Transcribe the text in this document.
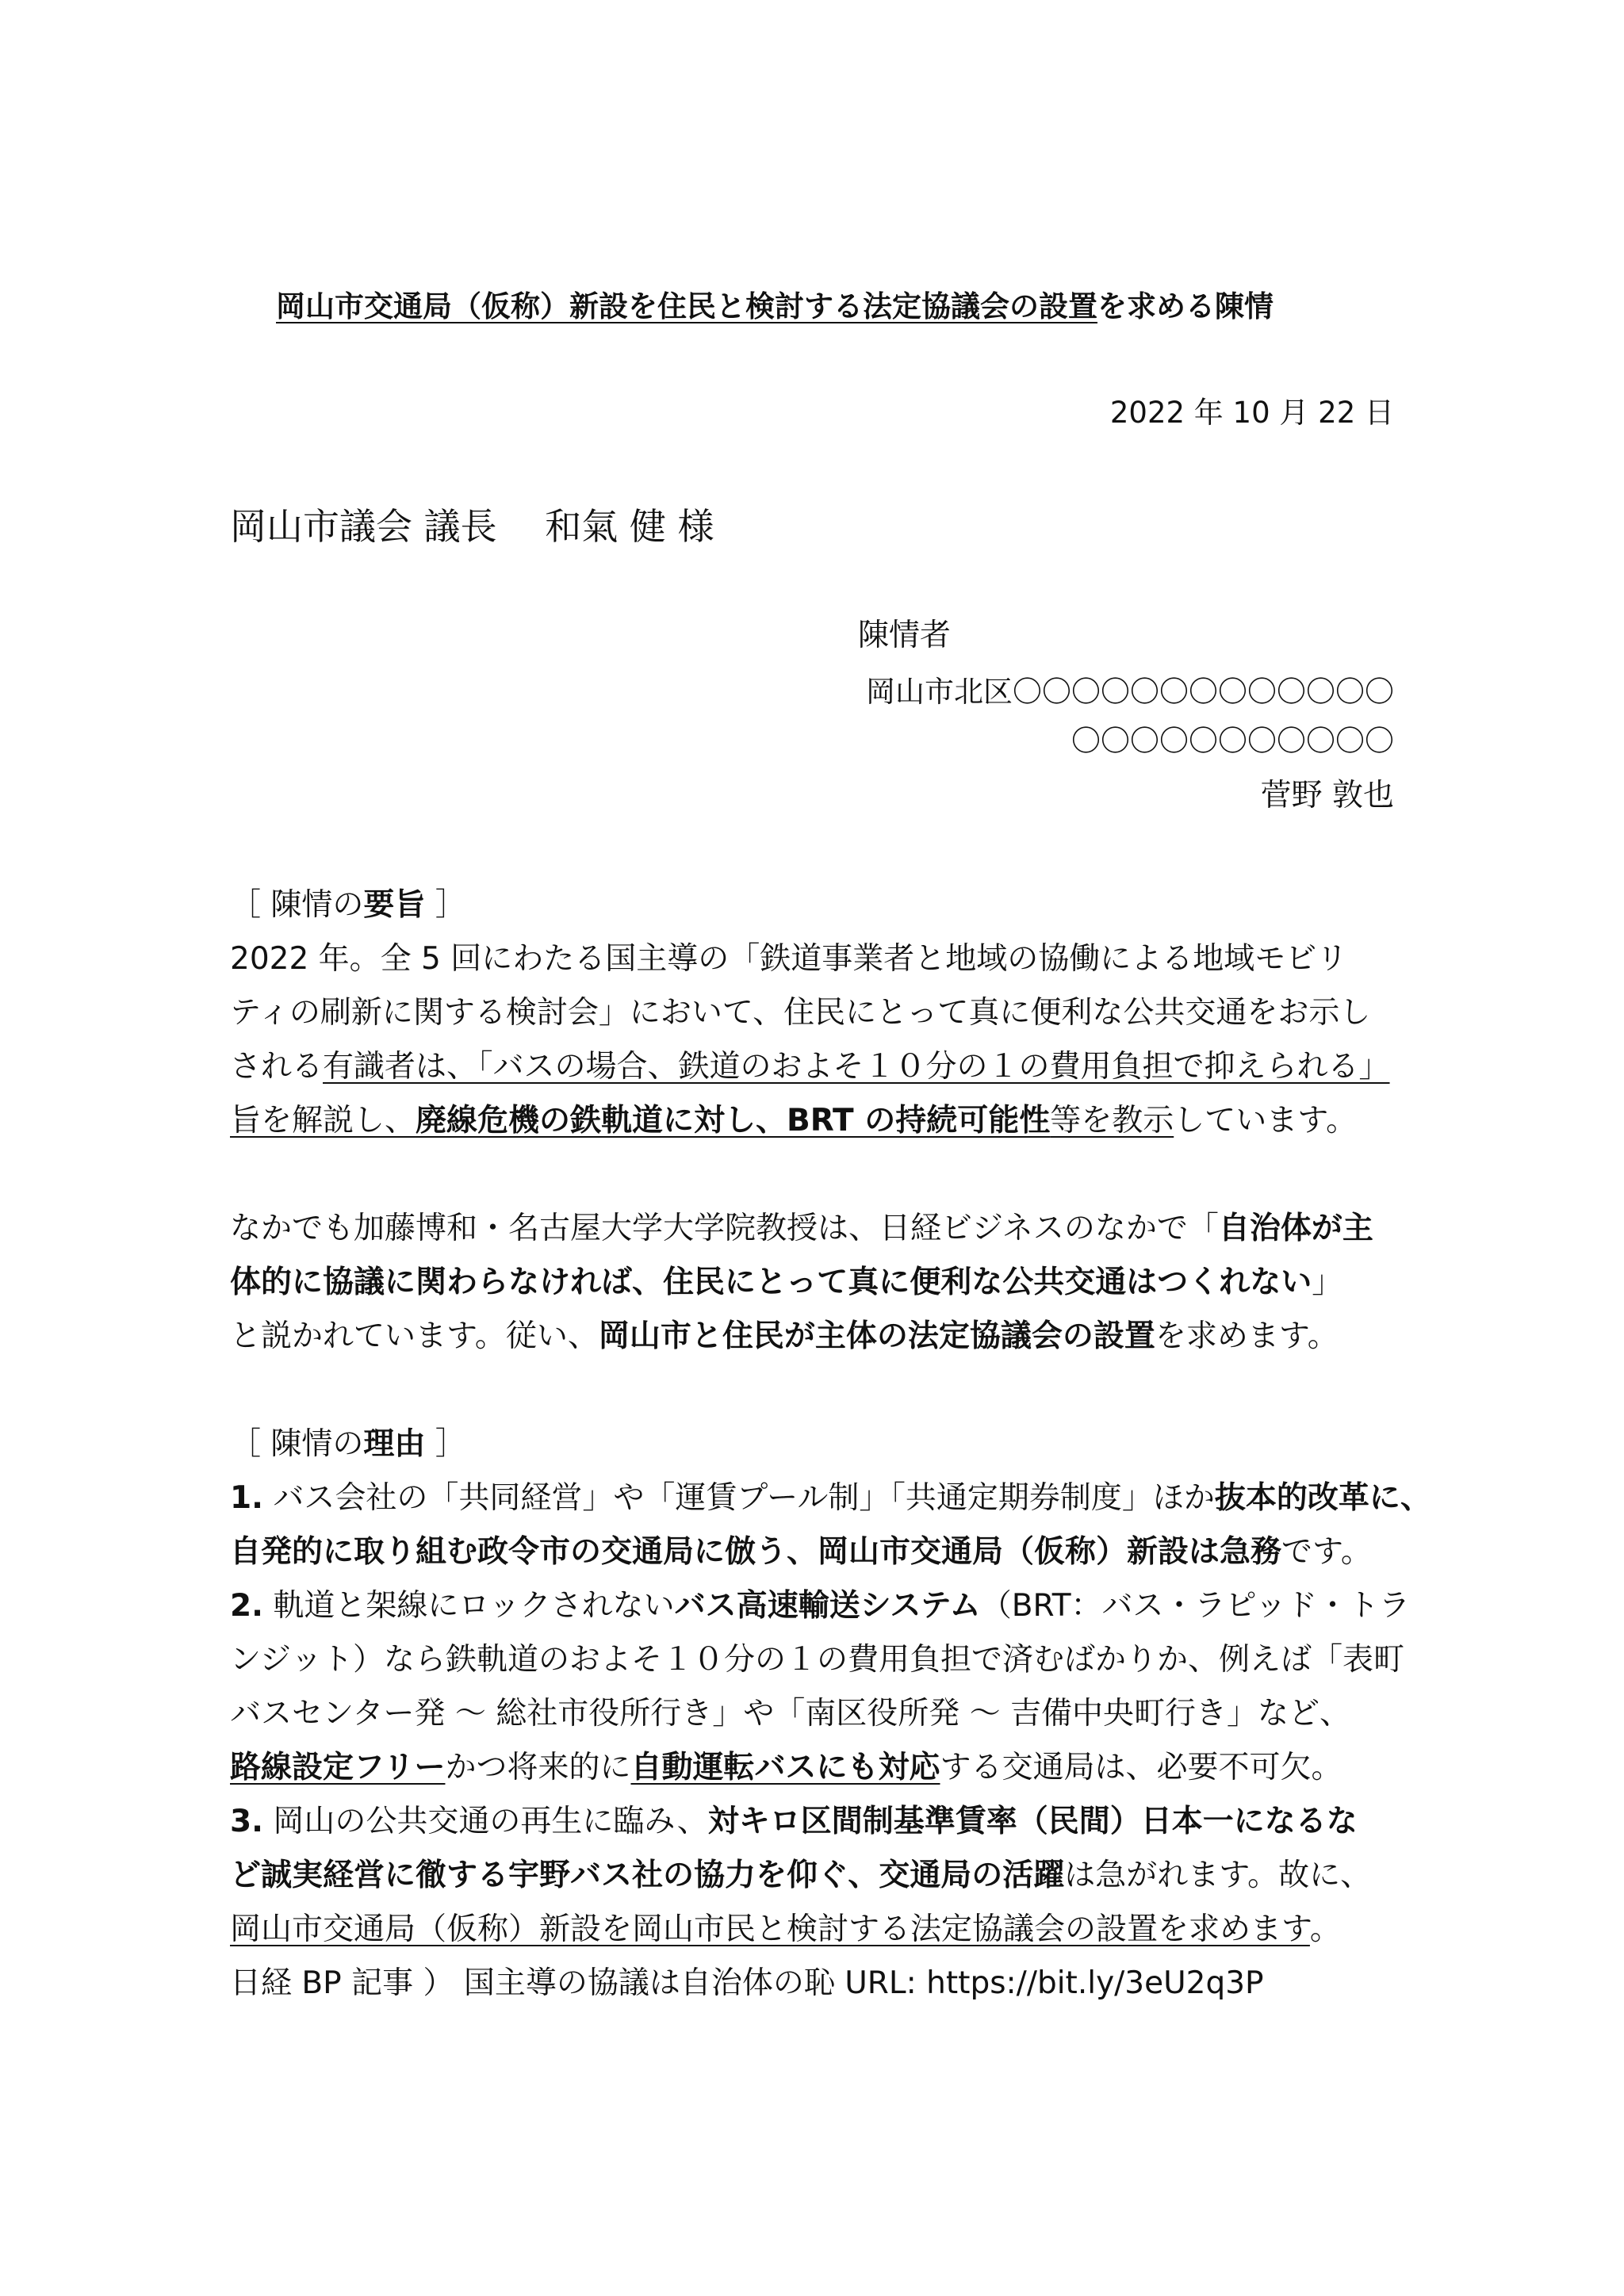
岡山市交通局（仮称）新設を住民と検討する法定協議会の設置を求める陳情
2022 年 10 月 22 日
岡山市議会 議長　 和氣 健 様
陳情者
岡山市北区〇〇〇〇〇〇〇〇〇〇〇〇〇
〇〇〇〇〇〇〇〇〇〇〇
菅野 敦也
［ 陳情の要旨 ］
2022 年。全 5 回にわたる国主導の「鉄道事業者と地域の協働による地域モビリ
ティの刷新に関する検討会」において、住民にとって真に便利な公共交通をお示し
される有識者は、「バスの場合、鉄道のおよそ１０分の１の費用負担で抑えられる」
旨を解説し、廃線危機の鉄軌道に対し、BRT の持続可能性等を教示しています。
なかでも加藤博和・名古屋大学大学院教授は、日経ビジネスのなかで「自治体が主
体的に協議に関わらなければ、住民にとって真に便利な公共交通はつくれない」
と説かれています。従い、岡山市と住民が主体の法定協議会の設置を求めます。
［ 陳情の理由 ］
1. バス会社の「共同経営」や「運賃プール制」「共通定期券制度」ほか抜本的改革に、
自発的に取り組む政令市の交通局に倣う、岡山市交通局（仮称）新設は急務です。
2. 軌道と架線にロックされないバス高速輸送システム（BRT：バス・ラピッド・トラ
ンジット）なら鉄軌道のおよそ１０分の１の費用負担で済むばかりか、例えば「表町
バスセンター発 ～ 総社市役所行き」や「南区役所発 ～ 吉備中央町行き」など、
路線設定フリーかつ将来的に自動運転バスにも対応する交通局は、必要不可欠。
3. 岡山の公共交通の再生に臨み、対キロ区間制基準賃率（民間）日本一になるな
ど誠実経営に徹する宇野バス社の協力を仰ぐ、交通局の活躍は急がれます。故に、
岡山市交通局（仮称）新設を岡山市民と検討する法定協議会の設置を求めます。
日経 BP 記事 ） 国主導の協議は自治体の恥 URL: https://bit.ly/3eU2q3P
